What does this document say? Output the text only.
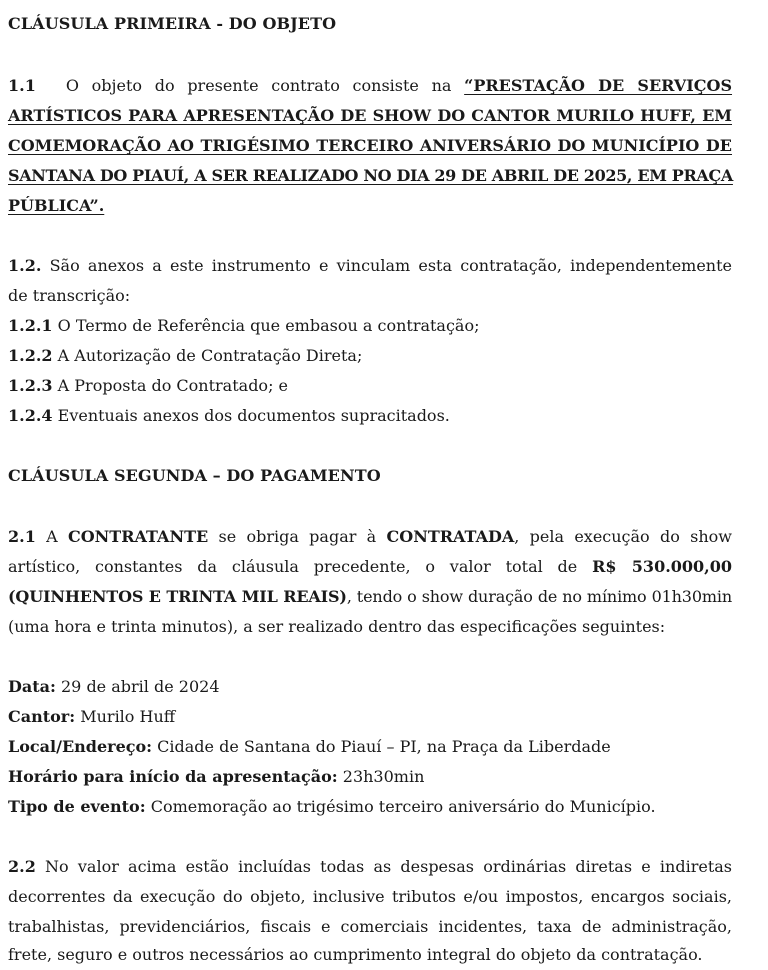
CLÁUSULA PRIMEIRA - DO OBJETO
1.1 O objeto do presente contrato consiste na “PRESTAÇÃO DE SERVIÇOS
ARTÍSTICOS PARA APRESENTAÇÃO DE SHOW DO CANTOR MURILO HUFF, EM
COMEMORAÇÃO AO TRIGÉSIMO TERCEIRO ANIVERSÁRIO DO MUNICÍPIO DE
SANTANA DO PIAUÍ, A SER REALIZADO NO DIA 29 DE ABRIL DE 2025, EM PRAÇA
PÚBLICA”.
1.2. São anexos a este instrumento e vinculam esta contratação, independentemente
de transcrição:
1.2.1 O Termo de Referência que embasou a contratação;
1.2.2 A Autorização de Contratação Direta;
1.2.3 A Proposta do Contratado; e
1.2.4 Eventuais anexos dos documentos supracitados.
CLÁUSULA SEGUNDA – DO PAGAMENTO
2.1 A CONTRATANTE se obriga pagar à CONTRATADA, pela execução do show
artístico, constantes da cláusula precedente, o valor total de R$ 530.000,00
(QUINHENTOS E TRINTA MIL REAIS), tendo o show duração de no mínimo 01h30min
(uma hora e trinta minutos), a ser realizado dentro das especificações seguintes:
Data: 29 de abril de 2024
Cantor: Murilo Huff
Local/Endereço: Cidade de Santana do Piauí – PI, na Praça da Liberdade
Horário para início da apresentação: 23h30min
Tipo de evento: Comemoração ao trigésimo terceiro aniversário do Município.
2.2 No valor acima estão incluídas todas as despesas ordinárias diretas e indiretas
decorrentes da execução do objeto, inclusive tributos e/ou impostos, encargos sociais,
trabalhistas, previdenciários, fiscais e comerciais incidentes, taxa de administração,
frete, seguro e outros necessários ao cumprimento integral do objeto da contratação.
